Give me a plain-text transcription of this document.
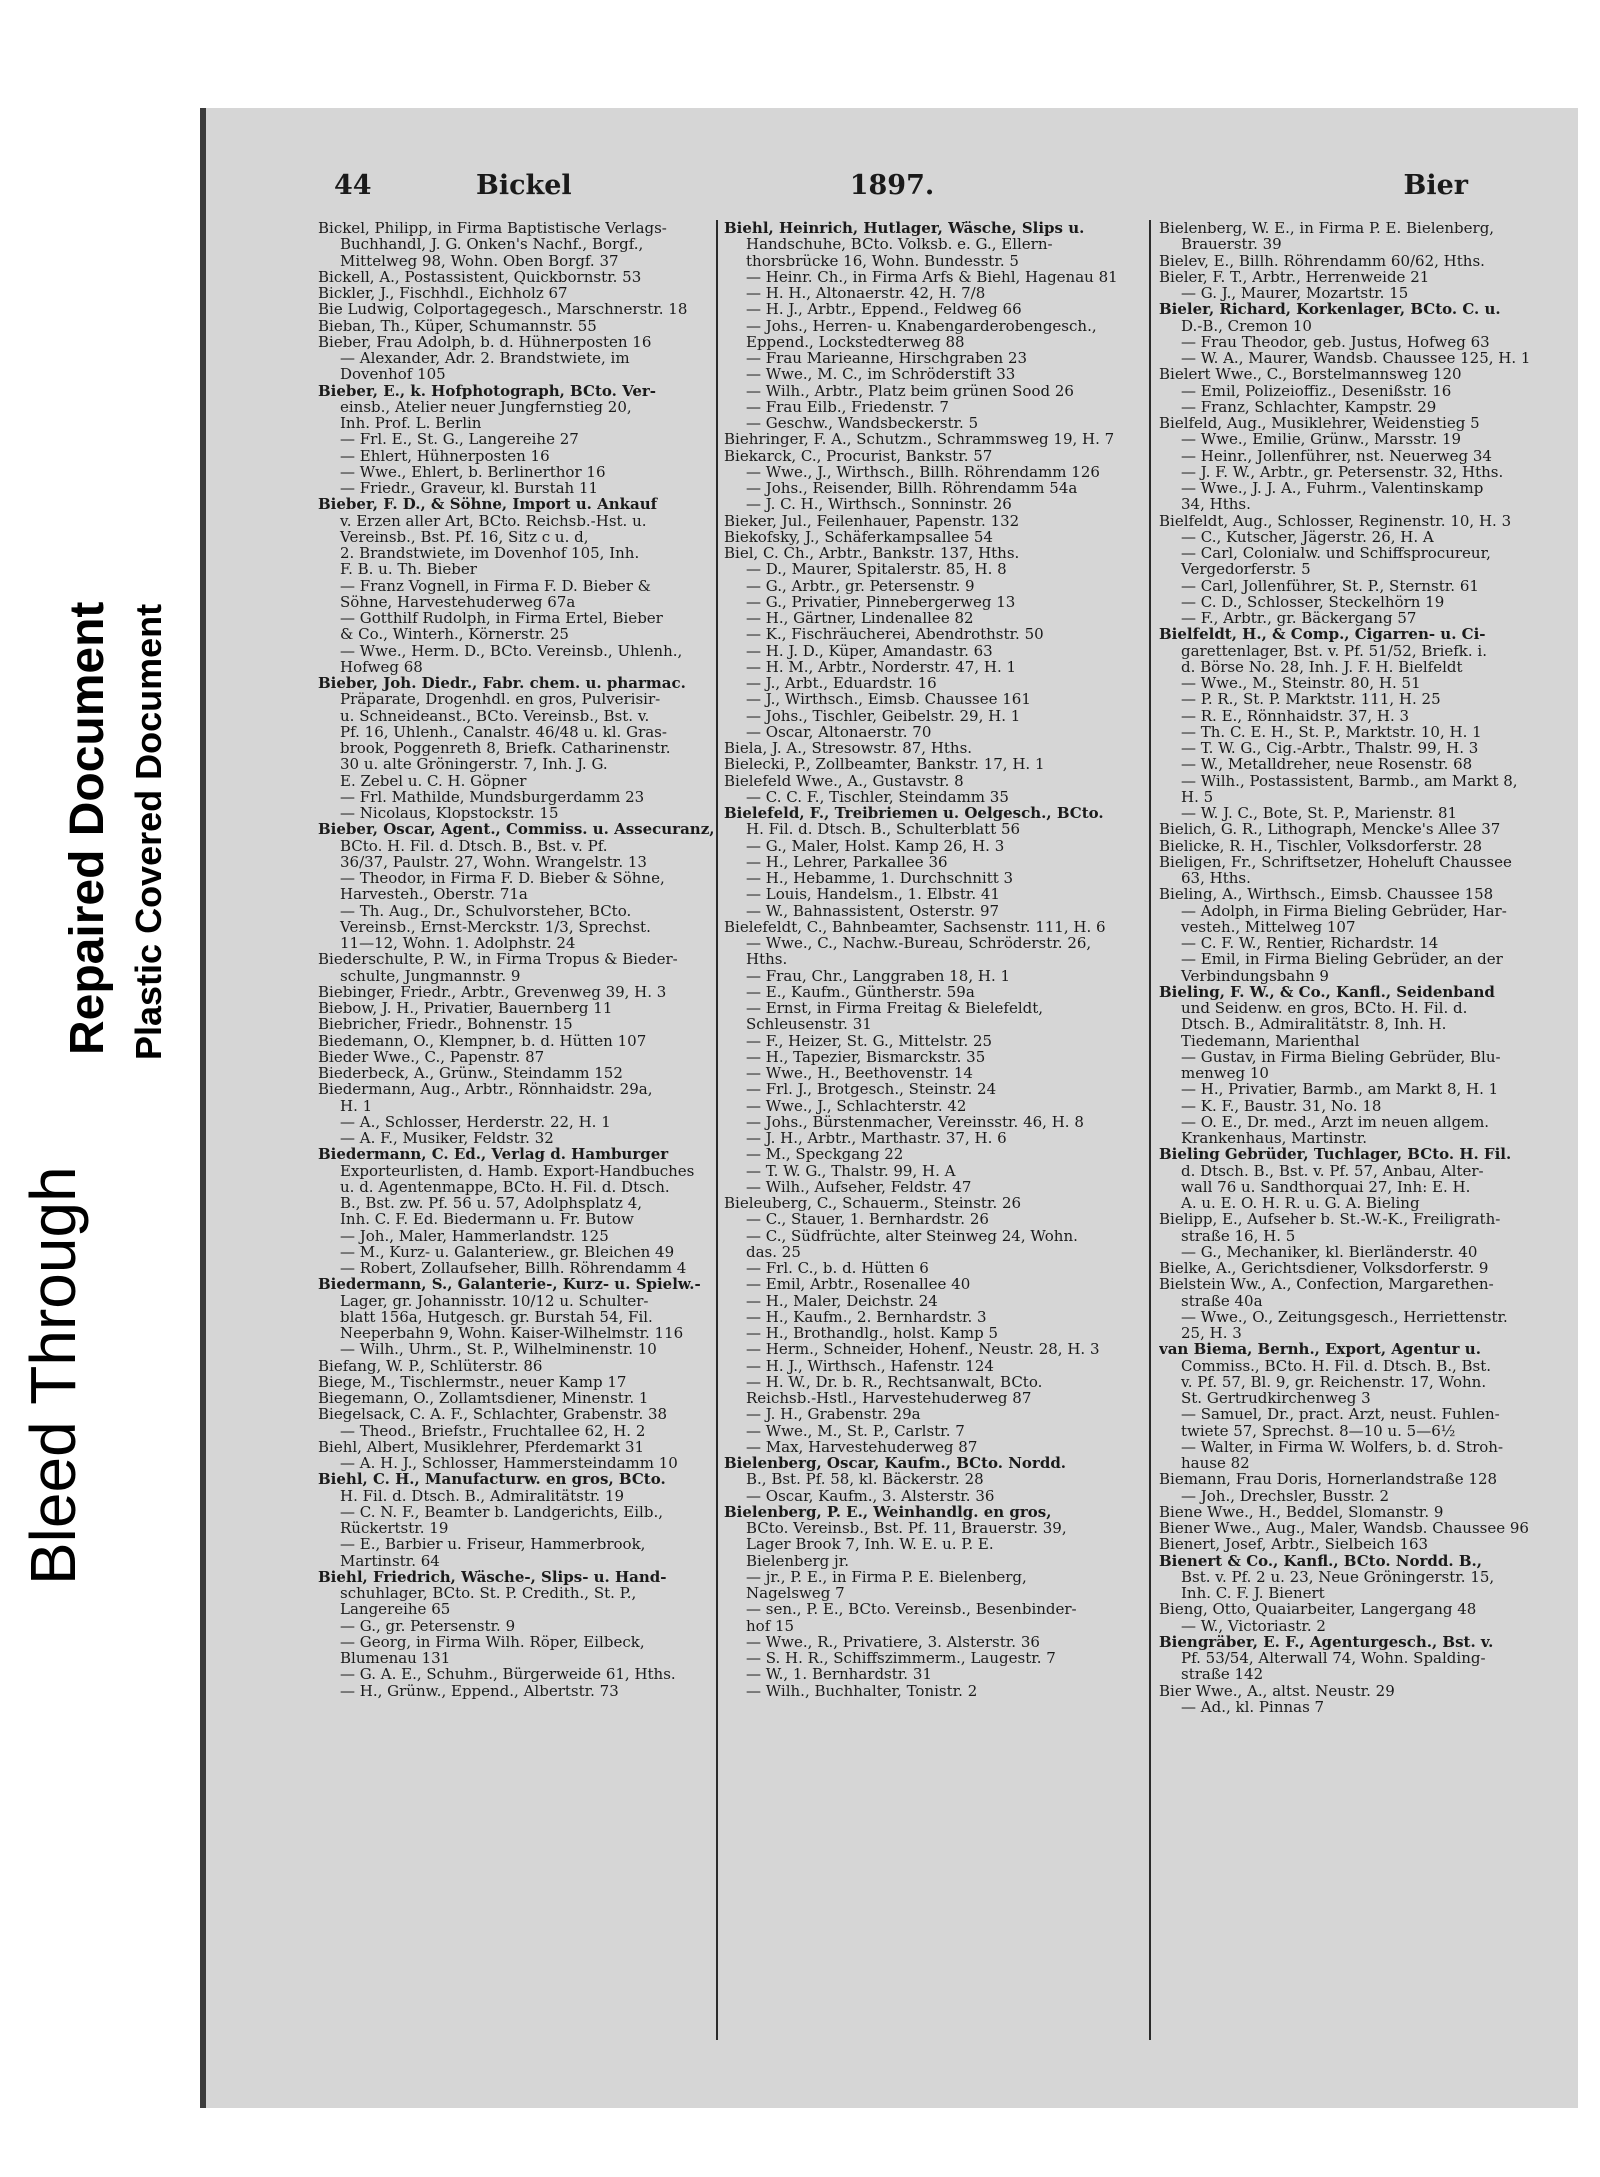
Bleed Through
Repaired Document Plastic Covered Document
44	Bickel	1897.	Bier
Bickel, Philipp, in Firma Baptistische Verlags-
Buchhandl, J. G. Onken's Nachf., Borgf.,
Mittelweg 98, Wohn. Oben Borgf. 37
Bickell, A., Postassistent, Quickbornstr. 53
Bickler, J., Fischhdl., Eichholz 67
Bie Ludwig, Colportagegesch., Marschnerstr. 18
Bieban, Th., Küper, Schumannstr. 55
Bieber, Frau Adolph, b. d. Hühnerposten 16
— Alexander, Adr. 2. Brandstwiete, im
Dovenhof 105
Bieber, E., k. Hofphotograph, BCto. Ver-
einsb., Atelier neuer Jungfernstieg 20,
Inh. Prof. L. Berlin
— Frl. E., St. G., Langereihe 27
— Ehlert, Hühnerposten 16
— Wwe., Ehlert, b. Berlinerthor 16
— Friedr., Graveur, kl. Burstah 11
Bieber, F. D., & Söhne, Import u. Ankauf
v. Erzen aller Art, BCto. Reichsb.-Hst. u.
Vereinsb., Bst. Pf. 16, Sitz c u. d,
2. Brandstwiete, im Dovenhof 105, Inh.
F. B. u. Th. Bieber
— Franz Vognell, in Firma F. D. Bieber &
Söhne, Harvestehuderweg 67a
— Gotthilf Rudolph, in Firma Ertel, Bieber
& Co., Winterh., Körnerstr. 25
— Wwe., Herm. D., BCto. Vereinsb., Uhlenh.,
Hofweg 68
Bieber, Joh. Diedr., Fabr. chem. u. pharmac.
Präparate, Drogenhdl. en gros, Pulverisir-
u. Schneideanst., BCto. Vereinsb., Bst. v.
Pf. 16, Uhlenh., Canalstr. 46/48 u. kl. Gras-
brook, Poggenreth 8, Briefk. Catharinenstr.
30 u. alte Gröningerstr. 7, Inh. J. G.
E. Zebel u. C. H. Göpner
— Frl. Mathilde, Mundsburgerdamm 23
— Nicolaus, Klopstockstr. 15
Bieber, Oscar, Agent., Commiss. u. Assecuranz,
BCto. H. Fil. d. Dtsch. B., Bst. v. Pf.
36/37, Paulstr. 27, Wohn. Wrangelstr. 13
— Theodor, in Firma F. D. Bieber & Söhne,
Harvesteh., Oberstr. 71a
— Th. Aug., Dr., Schulvorsteher, BCto.
Vereinsb., Ernst-Merckstr. 1/3, Sprechst.
11—12, Wohn. 1. Adolphstr. 24
Biederschulte, P. W., in Firma Tropus & Bieder-
schulte, Jungmannstr. 9
Biebinger, Friedr., Arbtr., Grevenweg 39, H. 3
Biebow, J. H., Privatier, Bauernberg 11
Biebricher, Friedr., Bohnenstr. 15
Biedemann, O., Klempner, b. d. Hütten 107
Bieder Wwe., C., Papenstr. 87
Biederbeck, A., Grünw., Steindamm 152
Biedermann, Aug., Arbtr., Rönnhaidstr. 29a,
H. 1
— A., Schlosser, Herderstr. 22, H. 1
— A. F., Musiker, Feldstr. 32
Biedermann, C. Ed., Verlag d. Hamburger
Exporteurlisten, d. Hamb. Export-Handbuches
u. d. Agentenmappe, BCto. H. Fil. d. Dtsch.
B., Bst. zw. Pf. 56 u. 57, Adolphsplatz 4,
Inh. C. F. Ed. Biedermann u. Fr. Butow
— Joh., Maler, Hammerlandstr. 125
— M., Kurz- u. Galanteriew., gr. Bleichen 49
— Robert, Zollaufseher, Billh. Röhrendamm 4
Biedermann, S., Galanterie-, Kurz- u. Spielw.-
Lager, gr. Johannisstr. 10/12 u. Schulter-
blatt 156a, Hutgesch. gr. Burstah 54, Fil.
Neeperbahn 9, Wohn. Kaiser-Wilhelmstr. 116
— Wilh., Uhrm., St. P., Wilhelminenstr. 10
Biefang, W. P., Schlüterstr. 86
Biege, M., Tischlermstr., neuer Kamp 17
Biegemann, O., Zollamtsdiener, Minenstr. 1
Biegelsack, C. A. F., Schlachter, Grabenstr. 38
— Theod., Briefstr., Fruchtallee 62, H. 2
Biehl, Albert, Musiklehrer, Pferdemarkt 31
— A. H. J., Schlosser, Hammersteindamm 10
Biehl, C. H., Manufacturw. en gros, BCto.
H. Fil. d. Dtsch. B., Admiralitätstr. 19
— C. N. F., Beamter b. Landgerichts, Eilb.,
Rückertstr. 19
— E., Barbier u. Friseur, Hammerbrook,
Martinstr. 64
Biehl, Friedrich, Wäsche-, Slips- u. Hand-
schuhlager, BCto. St. P. Credith., St. P.,
Langereihe 65
— G., gr. Petersenstr. 9
— Georg, in Firma Wilh. Röper, Eilbeck,
Blumenau 131
— G. A. E., Schuhm., Bürgerweide 61, Hths.
— H., Grünw., Eppend., Albertstr. 73
Biehl, Heinrich, Hutlager, Wäsche, Slips u.
Handschuhe, BCto. Volksb. e. G., Ellern-
thorsbrücke 16, Wohn. Bundesstr. 5
— Heinr. Ch., in Firma Arfs & Biehl, Hagenau 81
— H. H., Altonaerstr. 42, H. 7/8
— H. J., Arbtr., Eppend., Feldweg 66
— Johs., Herren- u. Knabengarderobengesch.,
Eppend., Lockstedterweg 88
— Frau Marieanne, Hirschgraben 23
— Wwe., M. C., im Schröderstift 33
— Wilh., Arbtr., Platz beim grünen Sood 26
— Frau Eilb., Friedenstr. 7
— Geschw., Wandsbeckerstr. 5
Biehringer, F. A., Schutzm., Schrammsweg 19, H. 7
Biekarck, C., Procurist, Bankstr. 57
— Wwe., J., Wirthsch., Billh. Röhrendamm 126
— Johs., Reisender, Billh. Röhrendamm 54a
— J. C. H., Wirthsch., Sonninstr. 26
Bieker, Jul., Feilenhauer, Papenstr. 132
Biekofsky, J., Schäferkampsallee 54
Biel, C. Ch., Arbtr., Bankstr. 137, Hths.
— D., Maurer, Spitalerstr. 85, H. 8
— G., Arbtr., gr. Petersenstr. 9
— G., Privatier, Pinnebergerweg 13
— H., Gärtner, Lindenallee 82
— K., Fischräucherei, Abendrothstr. 50
— H. J. D., Küper, Amandastr. 63
— H. M., Arbtr., Norderstr. 47, H. 1
— J., Arbt., Eduardstr. 16
— J., Wirthsch., Eimsb. Chaussee 161
— Johs., Tischler, Geibelstr. 29, H. 1
— Oscar, Altonaerstr. 70
Biela, J. A., Stresowstr. 87, Hths.
Bielecki, P., Zollbeamter, Bankstr. 17, H. 1
Bielefeld Wwe., A., Gustavstr. 8
— C. C. F., Tischler, Steindamm 35
Bielefeld, F., Treibriemen u. Oelgesch., BCto.
H. Fil. d. Dtsch. B., Schulterblatt 56
— G., Maler, Holst. Kamp 26, H. 3
— H., Lehrer, Parkallee 36
— H., Hebamme, 1. Durchschnitt 3
— Louis, Handelsm., 1. Elbstr. 41
— W., Bahnassistent, Osterstr. 97
Bielefeldt, C., Bahnbeamter, Sachsenstr. 111, H. 6
— Wwe., C., Nachw.-Bureau, Schröderstr. 26,
Hths.
— Frau, Chr., Langgraben 18, H. 1
— E., Kaufm., Güntherstr. 59a
— Ernst, in Firma Freitag & Bielefeldt,
Schleusenstr. 31
— F., Heizer, St. G., Mittelstr. 25
— H., Tapezier, Bismarckstr. 35
— Wwe., H., Beethovenstr. 14
— Frl. J., Brotgesch., Steinstr. 24
— Wwe., J., Schlachterstr. 42
— Johs., Bürstenmacher, Vereinsstr. 46, H. 8
— J. H., Arbtr., Marthastr. 37, H. 6
— M., Speckgang 22
— T. W. G., Thalstr. 99, H. A
— Wilh., Aufseher, Feldstr. 47
Bieleuberg, C., Schauerm., Steinstr. 26
— C., Stauer, 1. Bernhardstr. 26
— C., Südfrüchte, alter Steinweg 24, Wohn.
das. 25
— Frl. C., b. d. Hütten 6
— Emil, Arbtr., Rosenallee 40
— H., Maler, Deichstr. 24
— H., Kaufm., 2. Bernhardstr. 3
— H., Brothandlg., holst. Kamp 5
— Herm., Schneider, Hohenf., Neustr. 28, H. 3
— H. J., Wirthsch., Hafenstr. 124
— H. W., Dr. b. R., Rechtsanwalt, BCto.
Reichsb.-Hstl., Harvestehuderweg 87
— J. H., Grabenstr. 29a
— Wwe., M., St. P., Carlstr. 7
— Max, Harvestehuderweg 87
Bielenberg, Oscar, Kaufm., BCto. Nordd.
B., Bst. Pf. 58, kl. Bäckerstr. 28
— Oscar, Kaufm., 3. Alsterstr. 36
Bielenberg, P. E., Weinhandlg. en gros,
BCto. Vereinsb., Bst. Pf. 11, Brauerstr. 39,
Lager Brook 7, Inh. W. E. u. P. E.
Bielenberg jr.
— jr., P. E., in Firma P. E. Bielenberg,
Nagelsweg 7
— sen., P. E., BCto. Vereinsb., Besenbinder-
hof 15
— Wwe., R., Privatiere, 3. Alsterstr. 36
— S. H. R., Schiffszimmerm., Laugestr. 7
— W., 1. Bernhardstr. 31
— Wilh., Buchhalter, Tonistr. 2
Bielenberg, W. E., in Firma P. E. Bielenberg,
Brauerstr. 39
Bielev, E., Billh. Röhrendamm 60/62, Hths.
Bieler, F. T., Arbtr., Herrenweide 21
— G. J., Maurer, Mozartstr. 15
Bieler, Richard, Korkenlager, BCto. C. u.
D.-B., Cremon 10
— Frau Theodor, geb. Justus, Hofweg 63
— W. A., Maurer, Wandsb. Chaussee 125, H. 1
Bielert Wwe., C., Borstelmannsweg 120
— Emil, Polizeioffiz., Desenißstr. 16
— Franz, Schlachter, Kampstr. 29
Bielfeld, Aug., Musiklehrer, Weidenstieg 5
— Wwe., Emilie, Grünw., Marsstr. 19
— Heinr., Jollenführer, nst. Neuerweg 34
— J. F. W., Arbtr., gr. Petersenstr. 32, Hths.
— Wwe., J. J. A., Fuhrm., Valentinskamp
34, Hths.
Bielfeldt, Aug., Schlosser, Reginenstr. 10, H. 3
— C., Kutscher, Jägerstr. 26, H. A
— Carl, Colonialw. und Schiffsprocureur,
Vergedorferstr. 5
— Carl, Jollenführer, St. P., Sternstr. 61
— C. D., Schlosser, Steckelhörn 19
— F., Arbtr., gr. Bäckergang 57
Bielfeldt, H., & Comp., Cigarren- u. Ci-
garettenlager, Bst. v. Pf. 51/52, Briefk. i.
d. Börse No. 28, Inh. J. F. H. Bielfeldt
— Wwe., M., Steinstr. 80, H. 51
— P. R., St. P. Marktstr. 111, H. 25
— R. E., Rönnhaidstr. 37, H. 3
— Th. C. E. H., St. P., Marktstr. 10, H. 1
— T. W. G., Cig.-Arbtr., Thalstr. 99, H. 3
— W., Metalldreher, neue Rosenstr. 68
— Wilh., Postassistent, Barmb., am Markt 8,
H. 5
— W. J. C., Bote, St. P., Marienstr. 81
Bielich, G. R., Lithograph, Mencke's Allee 37
Bielicke, R. H., Tischler, Volksdorferstr. 28
Bieligen, Fr., Schriftsetzer, Hoheluft Chaussee
63, Hths.
Bieling, A., Wirthsch., Eimsb. Chaussee 158
— Adolph, in Firma Bieling Gebrüder, Har-
vesteh., Mittelweg 107
— C. F. W., Rentier, Richardstr. 14
— Emil, in Firma Bieling Gebrüder, an der
Verbindungsbahn 9
Bieling, F. W., & Co., Kanfl., Seidenband
und Seidenw. en gros, BCto. H. Fil. d.
Dtsch. B., Admiralitätstr. 8, Inh. H.
Tiedemann, Marienthal
— Gustav, in Firma Bieling Gebrüder, Blu-
menweg 10
— H., Privatier, Barmb., am Markt 8, H. 1
— K. F., Baustr. 31, No. 18
— O. E., Dr. med., Arzt im neuen allgem.
Krankenhaus, Martinstr.
Bieling Gebrüder, Tuchlager, BCto. H. Fil.
d. Dtsch. B., Bst. v. Pf. 57, Anbau, Alter-
wall 76 u. Sandthorquai 27, Inh: E. H.
A. u. E. O. H. R. u. G. A. Bieling
Bielipp, E., Aufseher b. St.-W.-K., Freiligrath-
straße 16, H. 5
— G., Mechaniker, kl. Bierländerstr. 40
Bielke, A., Gerichtsdiener, Volksdorferstr. 9
Bielstein Ww., A., Confection, Margarethen-
straße 40a
— Wwe., O., Zeitungsgesch., Herriettenstr.
25, H. 3
van Biema, Bernh., Export, Agentur u.
Commiss., BCto. H. Fil. d. Dtsch. B., Bst.
v. Pf. 57, Bl. 9, gr. Reichenstr. 17, Wohn.
St. Gertrudkirchenweg 3
— Samuel, Dr., pract. Arzt, neust. Fuhlen-
twiete 57, Sprechst. 8—10 u. 5—6½
— Walter, in Firma W. Wolfers, b. d. Stroh-
hause 82
Biemann, Frau Doris, Hornerlandstraße 128
— Joh., Drechsler, Busstr. 2
Biene Wwe., H., Beddel, Slomanstr. 9
Biener Wwe., Aug., Maler, Wandsb. Chaussee 96
Bienert, Josef, Arbtr., Sielbeich 163
Bienert & Co., Kanfl., BCto. Nordd. B.,
Bst. v. Pf. 2 u. 23, Neue Gröningerstr. 15,
Inh. C. F. J. Bienert
Bieng, Otto, Quaiarbeiter, Langergang 48
— W., Victoriastr. 2
Biengräber, E. F., Agenturgesch., Bst. v.
Pf. 53/54, Alterwall 74, Wohn. Spalding-
straße 142
Bier Wwe., A., altst. Neustr. 29
— Ad., kl. Pinnas 7
